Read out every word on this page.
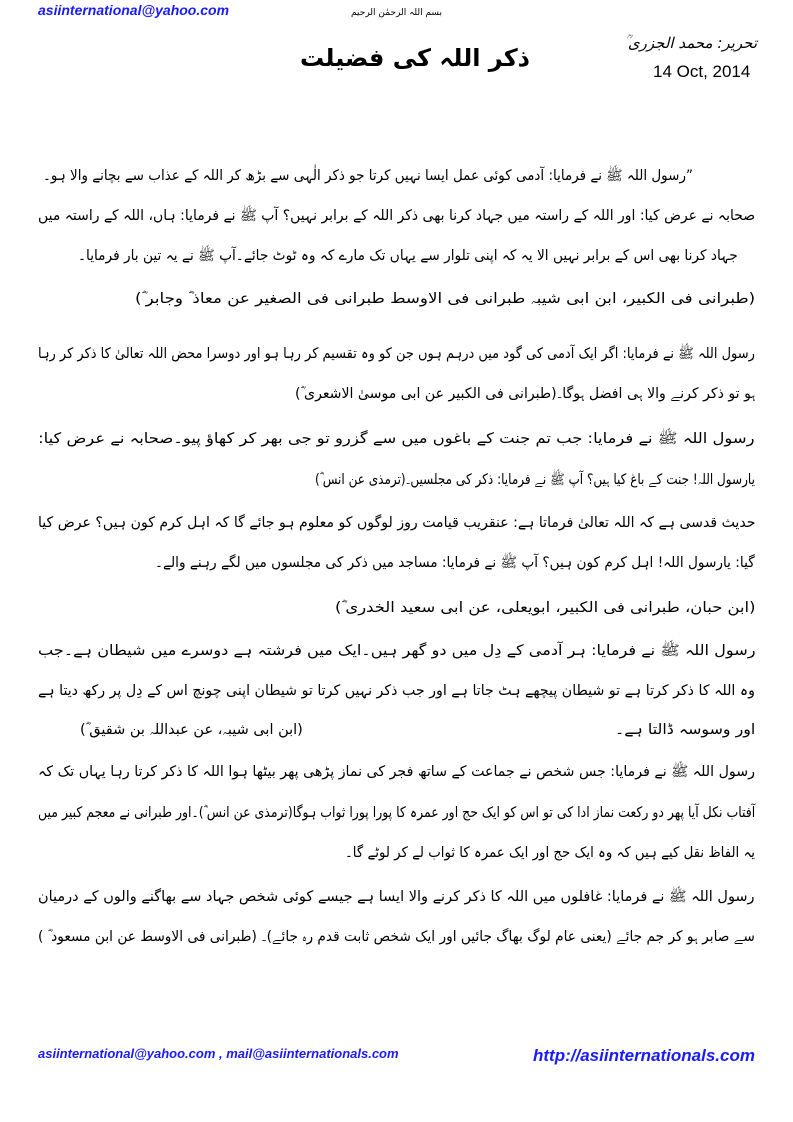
asiinternational@yahoo.com	بسم اللہ الرحمٰن الرحیم
ذکر اللہ کی فضیلت
تحریر: محمد الجزری ؒ
14 Oct, 2014
”رسول اللہ ﷺ نے فرمایا: آدمی کوئی عمل ایسا نہیں کرتا جو ذکر الٰہی سے بڑھ کر اللہ کے عذاب سے بچانے والا ہو۔
صحابہ نے عرض کیا: اور اللہ کے راستہ میں جہاد کرنا بھی ذکر اللہ کے برابر نہیں؟ آپ ﷺ نے فرمایا: ہاں، اللہ کے راستہ میں
جہاد کرنا بھی اس کے برابر نہیں الا یہ کہ اپنی تلوار سے یہاں تک مارے کہ وہ ٹوٹ جائے۔آپ ﷺ نے یہ تین بار فرمایا۔
(طبرانی فی الکبیر، ابن ابی شیبہ طبرانی فی الاوسط طبرانی فی الصغیر عن معاذ ؓ وجابر ؓ)
رسول اللہ ﷺ نے فرمایا: اگر ایک آدمی کی گود میں درہم ہوں جن کو وہ تقسیم کر رہا ہو اور دوسرا محض اللہ تعالیٰ کا ذکر کر رہا
ہو تو ذکر کرنے والا ہی افضل ہوگا۔(طبرانی فی الکبیر عن ابی موسیٰ الاشعری ؓ)
رسول اللہ ﷺ نے فرمایا: جب تم جنت کے باغوں میں سے گزرو تو جی بھر کر کھاؤ پیو۔صحابہ نے عرض کیا:
یارسول اللہ! جنت کے باغ کیا ہیں؟ آپ ﷺ نے فرمایا: ذکر کی مجلسیں۔(ترمذی عن انس ؓ)
حدیث قدسی ہے کہ اللہ تعالیٰ فرماتا ہے: عنقریب قیامت روز لوگوں کو معلوم ہو جائے گا کہ اہل کرم کون ہیں؟ عرض کیا
گیا: یارسول اللہ! اہل کرم کون ہیں؟ آپ ﷺ نے فرمایا: مساجد میں ذکر کی مجلسوں میں لگے رہنے والے۔
(ابن حبان، طبرانی فی الکبیر، ابویعلی، عن ابی سعید الخدری ؓ)
رسول اللہ ﷺ نے فرمایا: ہر آدمی کے دِل میں دو گھر ہیں۔ایک میں فرشتہ ہے دوسرے میں شیطان ہے۔جب
وہ اللہ کا ذکر کرتا ہے تو شیطان پیچھے ہٹ جاتا ہے اور جب ذکر نہیں کرتا تو شیطان اپنی چونچ اس کے دِل پر رکھ دیتا ہے
اور وسوسہ ڈالتا ہے۔
رسول اللہ ﷺ نے فرمایا: جس شخص نے جماعت کے ساتھ فجر کی نماز پڑھی پھر بیٹھا ہوا اللہ کا ذکر کرتا رہا یہاں تک کہ
آفتاب نکل آیا پھر دو رکعت نماز ادا کی تو اس کو ایک حج اور عمرہ کا پورا پورا ثواب ہوگا(ترمذی عن انس ؓ)۔اور طبرانی نے معجم کبیر میں
یہ الفاظ نقل کیے ہیں کہ وہ ایک حج اور ایک عمرہ کا ثواب لے کر لوٹے گا۔
رسول اللہ ﷺ نے فرمایا: غافلوں میں اللہ کا ذکر کرنے والا ایسا ہے جیسے کوئی شخص جہاد سے بھاگنے والوں کے درمیان
سے صابر ہو کر جم جائے (یعنی عام لوگ بھاگ جائیں اور ایک شخص ثابت قدم رہ جائے)۔ (طبرانی فی الاوسط عن ابن مسعود ؓ )
(ابن ابی شیبہ، عن عبداللہ بن شقیق ؓ)
asiinternational@yahoo.com , mail@asiinternationals.com	http://asiinternationals.com
